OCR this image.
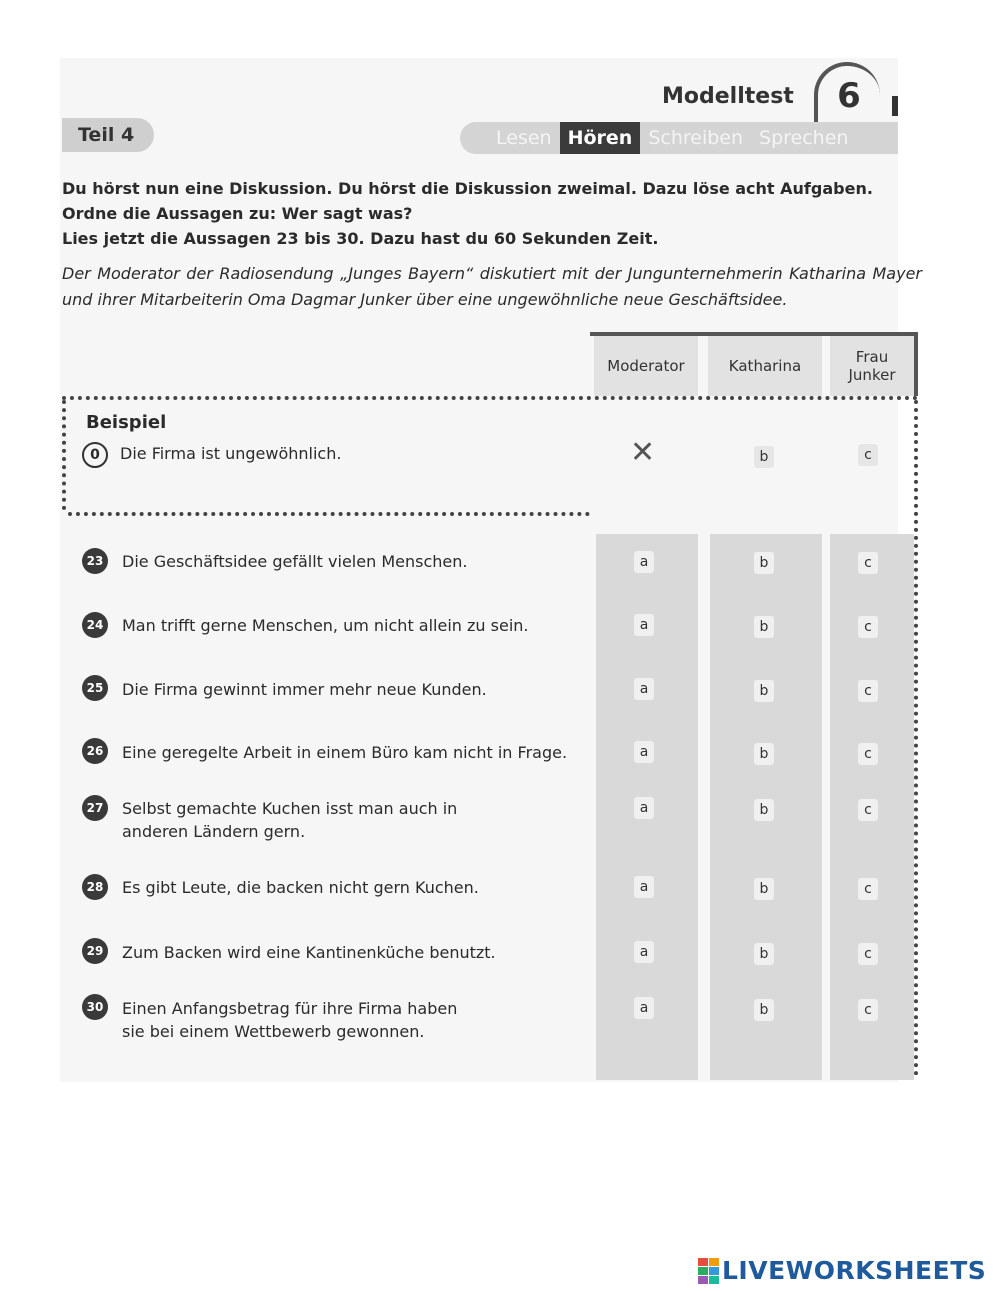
Modelltest	6
Teil 4	Lesen Hören Schreiben Sprechen
Du hörst nun eine Diskussion. Du hörst die Diskussion zweimal. Dazu löse acht Aufgaben.
Ordne die Aussagen zu: Wer sagt was?
Lies jetzt die Aussagen 23 bis 30. Dazu hast du 60 Sekunden Zeit.
Der Moderator der Radiosendung „Junges Bayern“ diskutiert mit der Jungunternehmerin Katharina Mayer und ihrer Mitarbeiterin Oma Dagmar Junker über eine ungewöhnliche neue Geschäftsidee.
Moderator	Katharina	Frau
Junker
Beispiel
0	Die Firma ist ungewöhnlich.	✕	b	c
23 Die Geschäftsidee gefällt vielen Menschen.	a	b	c
24 Man trifft gerne Menschen, um nicht allein zu sein.	a	b	c
25 Die Firma gewinnt immer mehr neue Kunden.	a	b	c
26 Eine geregelte Arbeit in einem Büro kam nicht in Frage.	a	b	c
27 Selbst gemachte Kuchen isst man auch in
anderen Ländern gern.
a	b	c
28 Es gibt Leute, die backen nicht gern Kuchen.	a	b	c
29 Zum Backen wird eine Kantinenküche benutzt.	a	b	c
30 Einen Anfangsbetrag für ihre Firma haben
sie bei einem Wettbewerb gewonnen.
a	b	c
LIVEWORKSHEETS
